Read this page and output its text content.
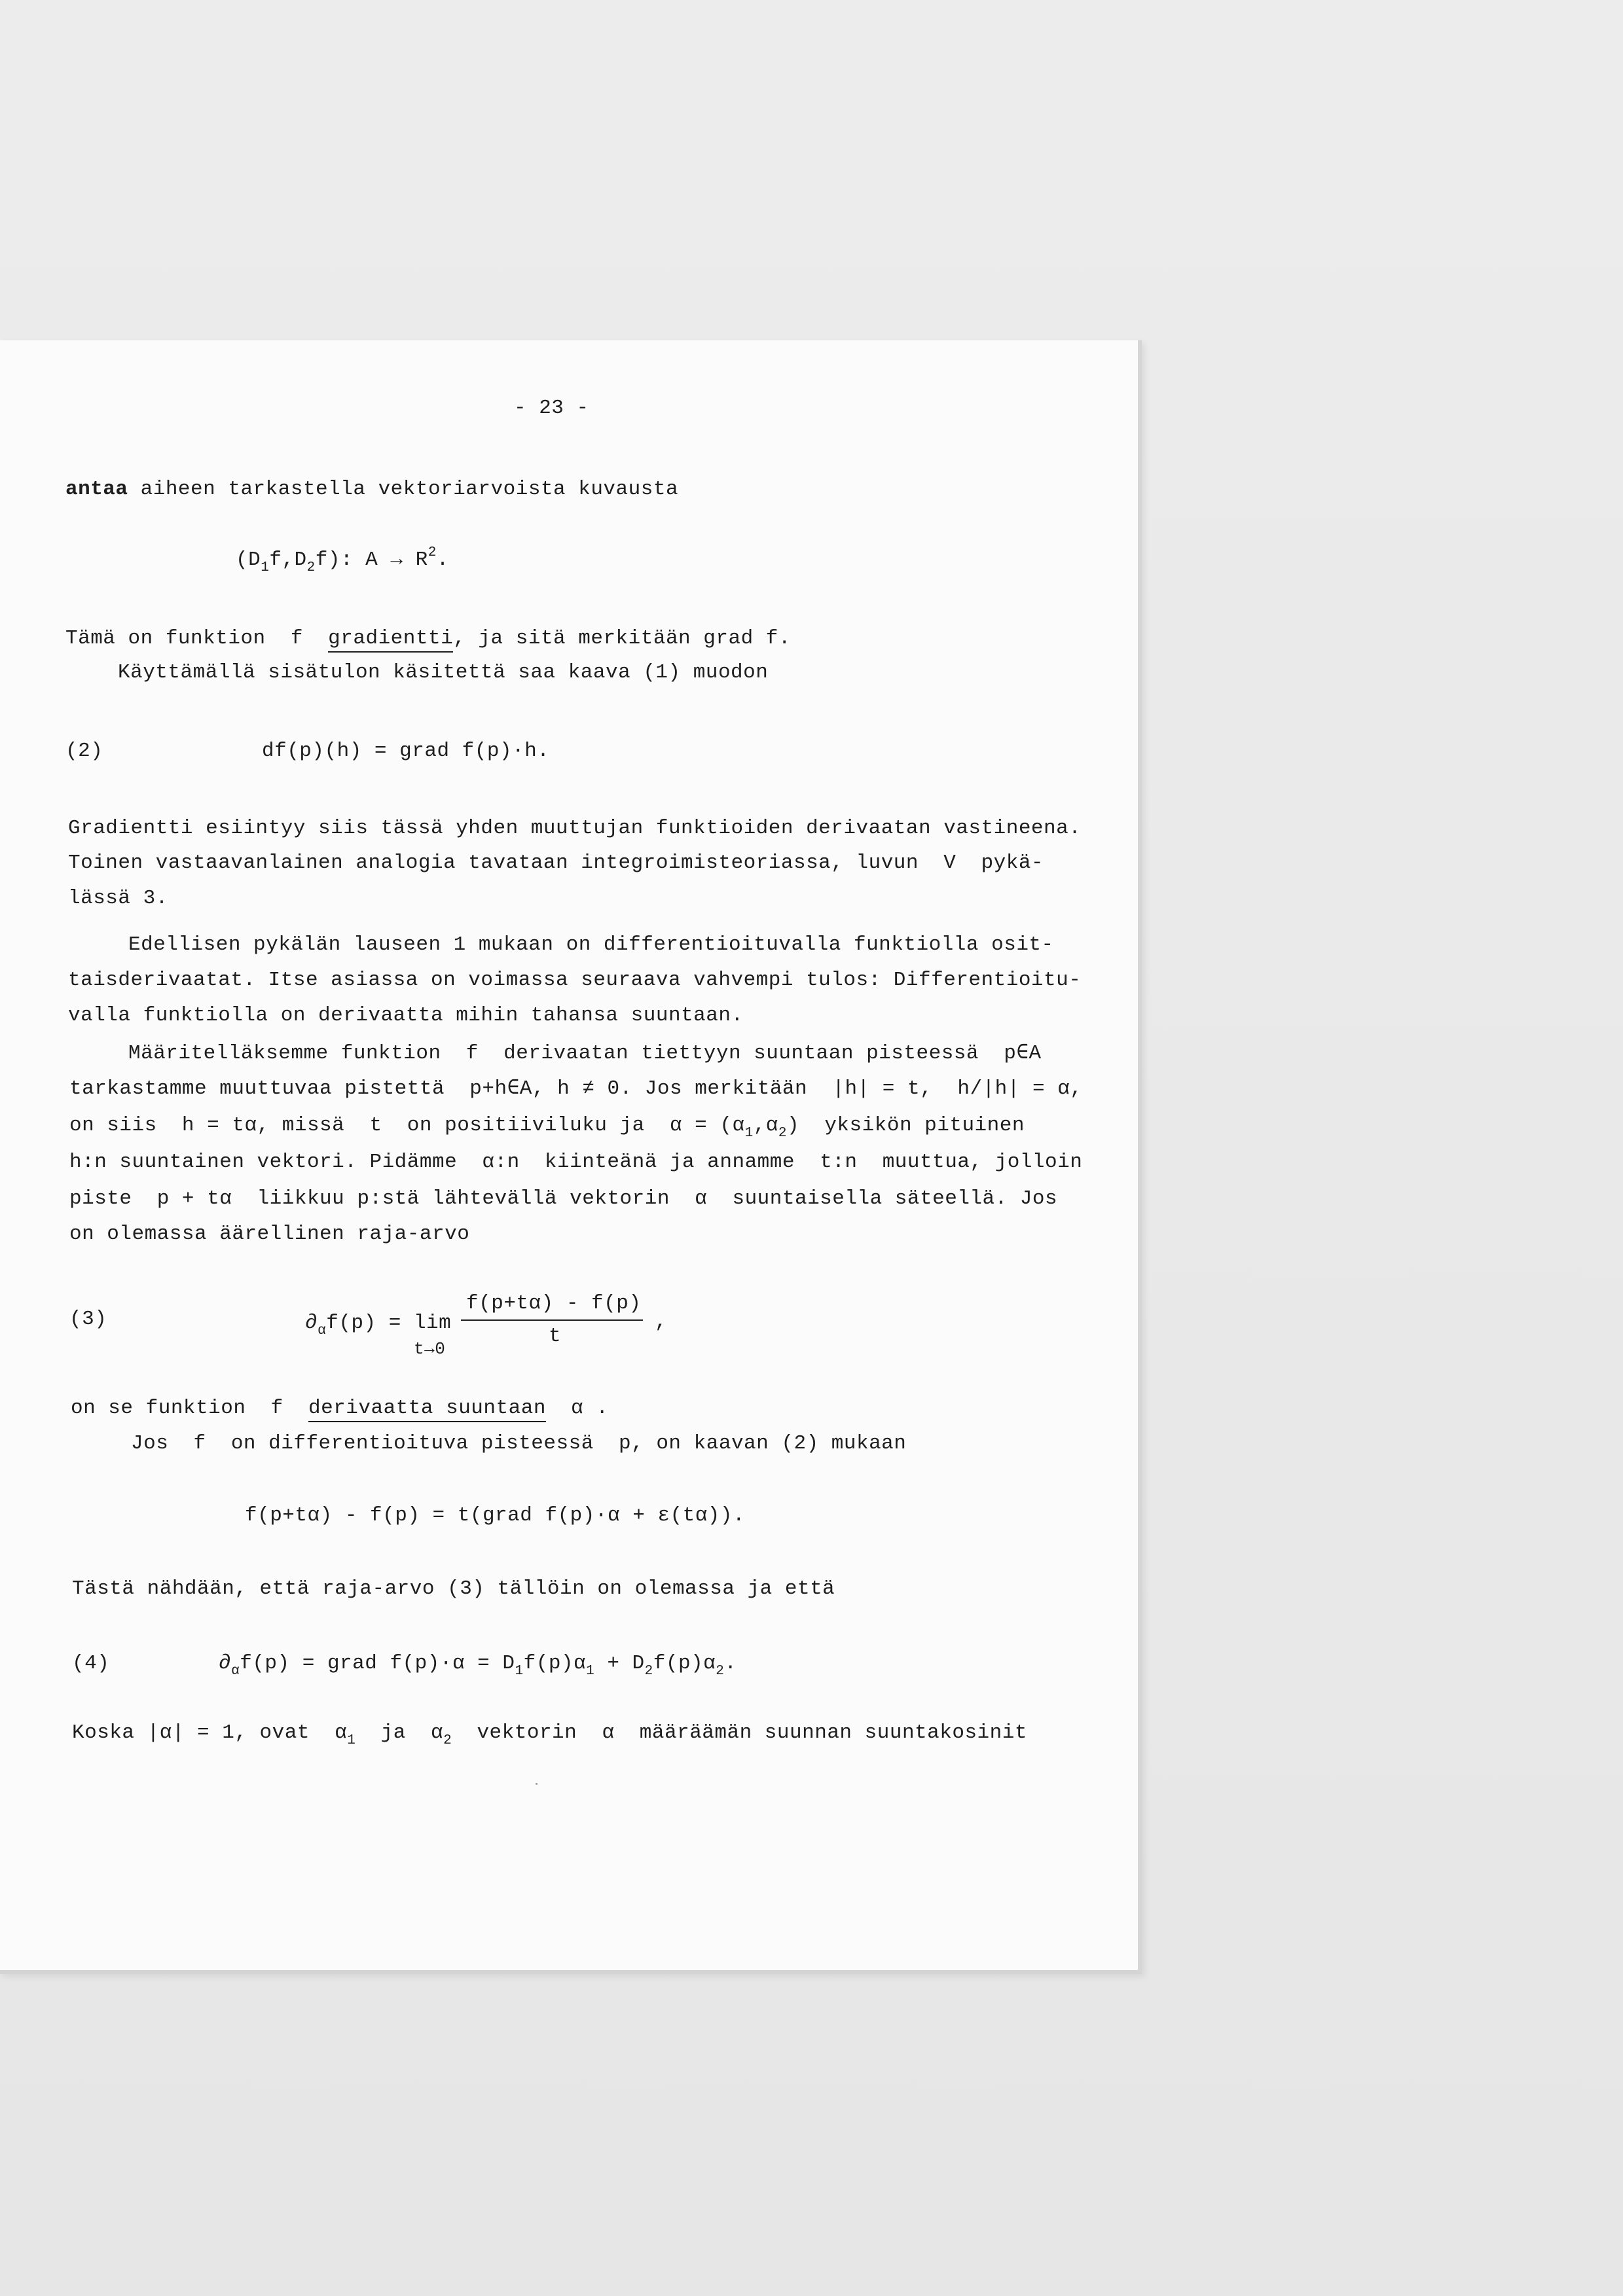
- 23 -
antaa aiheen tarkastella vektoriarvoista kuvausta
$(D_1f,D_2f)$: $A \to R^2$.
Tämä on funktion  f  gradientti, ja sitä merkitään grad f.
Käyttämällä sisätulon käsitettä saa kaava (1) muodon
(2)	df(p)(h) = grad f(p)·h.
Gradientti esiintyy siis tässä yhden muuttujan funktioiden derivaatan vastineena.
Toinen vastaavanlainen analogia tavataan integroimisteoriassa, luvun  V  pykä-
lässä 3.
Edellisen pykälän lauseen 1 mukaan on differentioituvalla funktiolla osit-
taisderivaatat. Itse asiassa on voimassa seuraava vahvempi tulos: Differentioitu-
valla funktiolla on derivaatta mihin tahansa suuntaan.
Määritelläksemme funktion  f  derivaatan tiettyyn suuntaan pisteessä  p∈A
tarkastamme muuttuvaa pistettä  p+h∈A, h ≠ 0. Jos merkitään  |h| = t,  h/|h| = α,
on siis  h = tα, missä  t  on positiiviluku ja  $\alpha = (\alpha_1,\alpha_2)$  yksikön pituinen
h:n suuntainen vektori. Pidämme  α:n  kiinteänä ja annamme  t:n  muuttua, jolloin
piste  p + tα  liikkuu p:stä lähtevällä vektorin  α  suuntaisella säteellä. Jos
on olemassa äärellinen raja-arvo
(3)	$\partial_\alpha f(p) = \lim$
t→0
f(p+tα) - f(p)
t
,
on se funktion  f  derivaatta suuntaan  α .
Jos  f  on differentioituva pisteessä  p, on kaavan (2) mukaan
f(p+tα) - f(p) = t(grad f(p)·α + ε(tα)).
Tästä nähdään, että raja-arvo (3) tällöin on olemassa ja että
(4)	$\partial_\alpha f(p)$ = grad $f(p)\cdot\alpha = D_1f(p)\alpha_1 + D_2f(p)\alpha_2$.
Koska |α| = 1, ovat  $\alpha_1$  ja  $\alpha_2$  vektorin  α  määräämän suunnan suuntakosinit
